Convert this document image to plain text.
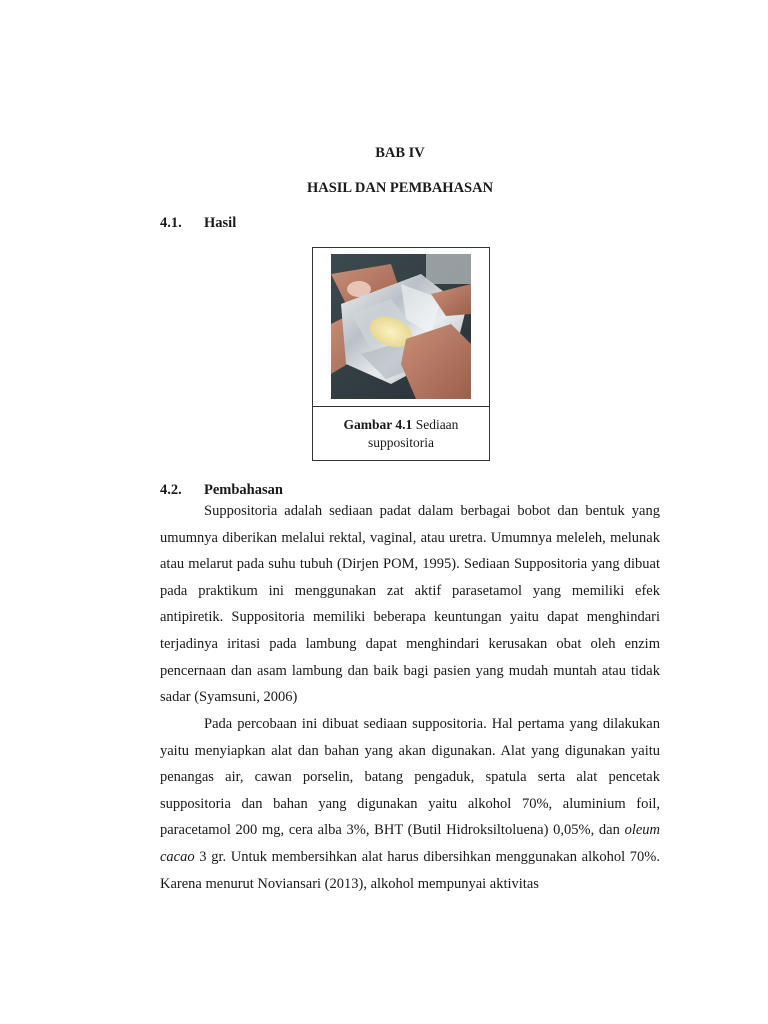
BAB IV
HASIL DAN PEMBAHASAN
4.1. Hasil
Gambar 4.1 Sediaan suppositoria
4.2. Pembahasan

Suppositoria adalah sediaan padat dalam berbagai bobot dan bentuk yang umumnya diberikan melalui rektal, vaginal, atau uretra. Umumnya meleleh, melunak atau melarut pada suhu tubuh (Dirjen POM, 1995). Sediaan Suppositoria yang dibuat pada praktikum ini menggunakan zat aktif parasetamol yang memiliki efek antipiretik. Suppositoria memiliki beberapa keuntungan yaitu dapat menghindari terjadinya iritasi pada lambung dapat menghindari kerusakan obat oleh enzim pencernaan dan asam lambung dan baik bagi pasien yang mudah muntah atau tidak sadar (Syamsuni, 2006)

Pada percobaan ini dibuat sediaan suppositoria. Hal pertama yang dilakukan yaitu menyiapkan alat dan bahan yang akan digunakan. Alat yang digunakan yaitu penangas air, cawan porselin, batang pengaduk, spatula serta alat pencetak suppositoria dan bahan yang digunakan yaitu alkohol 70%, aluminium foil, paracetamol 200 mg, cera alba 3%, BHT (Butil Hidroksiltoluena) 0,05%, dan oleum cacao 3 gr. Untuk membersihkan alat harus dibersihkan menggunakan alkohol 70%. Karena menurut Noviansari (2013), alkohol mempunyai aktivitas
